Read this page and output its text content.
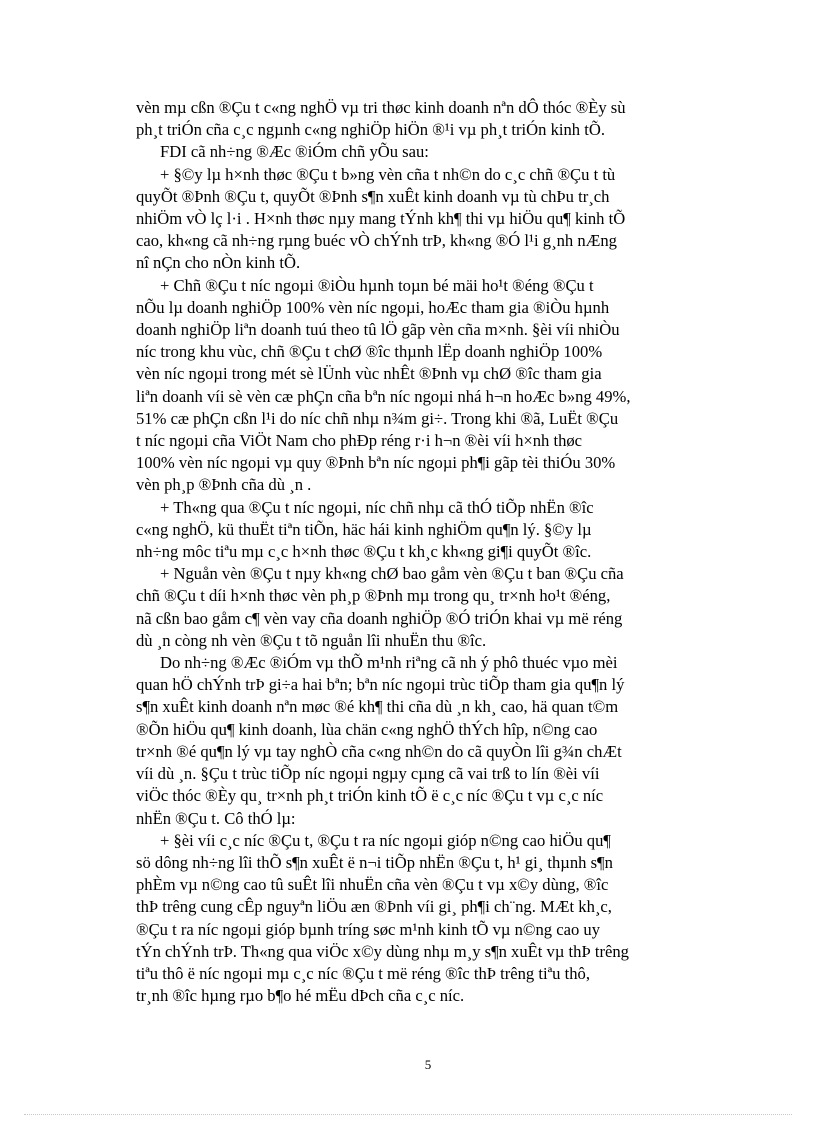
vèn mµ cßn ®Çu t c«ng nghÖ vµ tri thøc kinh doanh nªn dÔ thóc ®Èy sù
ph¸t triÓn cña c¸c ngµnh c«ng nghiÖp hiÖn ®¹i vµ ph¸t triÓn kinh tÕ.

FDI cã nh÷ng ®Æc ®iÓm chñ yÕu sau:

+ §©y lµ h×nh thøc ®Çu t b»ng vèn cña t nh©n do c¸c chñ ®Çu t tù
quyÕt ®Þnh ®Çu t, quyÕt ®Þnh s¶n xuÊt kinh doanh vµ tù chÞu tr¸ch
nhiÖm vÒ lç l·i . H×nh thøc nµy mang tÝnh kh¶ thi vµ hiÖu qu¶ kinh tÕ
cao, kh«ng cã nh÷ng rµng buéc vÒ chÝnh trÞ, kh«ng ®Ó l¹i g¸nh nÆng
nî nÇn cho nÒn kinh tÕ.

+ Chñ ®Çu t níc ngoµi ®iÒu hµnh toµn bé mäi ho¹t ®éng ®Çu t
nÕu lµ doanh nghiÖp 100% vèn níc ngoµi, hoÆc tham gia ®iÒu hµnh
doanh nghiÖp liªn doanh tuú theo tû lÖ gãp vèn cña m×nh. §èi víi nhiÒu
níc trong khu vùc, chñ ®Çu t chØ ®îc thµnh lËp doanh nghiÖp 100%
vèn níc ngoµi trong mét sè lÜnh vùc nhÊt ®Þnh vµ chØ ®îc tham gia
liªn doanh víi sè vèn cæ phÇn cña bªn níc ngoµi nhá h¬n hoÆc b»ng 49%,
51% cæ phÇn cßn l¹i do níc chñ nhµ n¾m gi÷. Trong khi ®ã, LuËt ®Çu
t níc ngoµi cña ViÖt Nam cho phÐp réng r·i h¬n ®èi víi h×nh thøc
100% vèn níc ngoµi vµ quy ®Þnh bªn níc ngoµi ph¶i gãp tèi thiÓu 30%
vèn ph¸p ®Þnh cña dù ¸n .

+ Th«ng qua ®Çu t níc ngoµi, níc chñ nhµ cã thÓ tiÕp nhËn ®îc
c«ng nghÖ, kü thuËt tiªn tiÕn, häc hái kinh nghiÖm qu¶n lý. §©y lµ
nh÷ng môc tiªu mµ c¸c h×nh thøc ®Çu t kh¸c kh«ng gi¶i quyÕt ®îc.

+ Nguån vèn ®Çu t nµy kh«ng chØ bao gåm vèn ®Çu t ban ®Çu cña
chñ ®Çu t díi h×nh thøc vèn ph¸p ®Þnh mµ trong qu¸ tr×nh ho¹t ®éng,
nã cßn bao gåm c¶ vèn vay cña doanh nghiÖp ®Ó triÓn khai vµ më réng
dù ¸n còng nh vèn ®Çu t tõ nguån lîi nhuËn thu ®îc.

Do nh÷ng ®Æc ®iÓm vµ thÕ m¹nh riªng cã nh ý phô thuéc vµo mèi
quan hÖ chÝnh trÞ gi÷a hai bªn; bªn níc ngoµi trùc tiÕp tham gia qu¶n lý
s¶n xuÊt kinh doanh nªn møc ®é kh¶ thi cña dù ¸n kh¸ cao, hä quan t©m
®Õn hiÖu qu¶ kinh doanh, lùa chän c«ng nghÖ thÝch hîp, n©ng cao
tr×nh ®é qu¶n lý vµ tay nghÒ cña c«ng nh©n do cã quyÒn lîi g¾n chÆt
víi dù ¸n. §Çu t trùc tiÕp níc ngoµi ngµy cµng cã vai trß to lín ®èi víi
viÖc thóc ®Èy qu¸ tr×nh ph¸t triÓn kinh tÕ ë c¸c níc ®Çu t vµ c¸c níc
nhËn ®Çu t. Cô thÓ lµ:

+ §èi víi c¸c níc ®Çu t, ®Çu t ra níc ngoµi gióp n©ng cao hiÖu qu¶
sö dông nh÷ng lîi thÕ s¶n xuÊt ë n¬i tiÕp nhËn ®Çu t, h¹ gi¸ thµnh s¶n
phÈm vµ n©ng cao tû suÊt lîi nhuËn cña vèn ®Çu t vµ x©y dùng, ®îc
thÞ trêng cung cÊp nguyªn liÖu æn ®Þnh víi gi¸ ph¶i ch¨ng. MÆt kh¸c,
®Çu t ra níc ngoµi gióp bµnh tríng søc m¹nh kinh tÕ vµ n©ng cao uy
tÝn chÝnh trÞ. Th«ng qua viÖc x©y dùng nhµ m¸y s¶n xuÊt vµ thÞ trêng
tiªu thô ë níc ngoµi mµ c¸c níc ®Çu t më réng ®îc thÞ trêng tiªu thô,
tr¸nh ®îc hµng rµo b¶o hé mËu dÞch cña c¸c níc.

5
